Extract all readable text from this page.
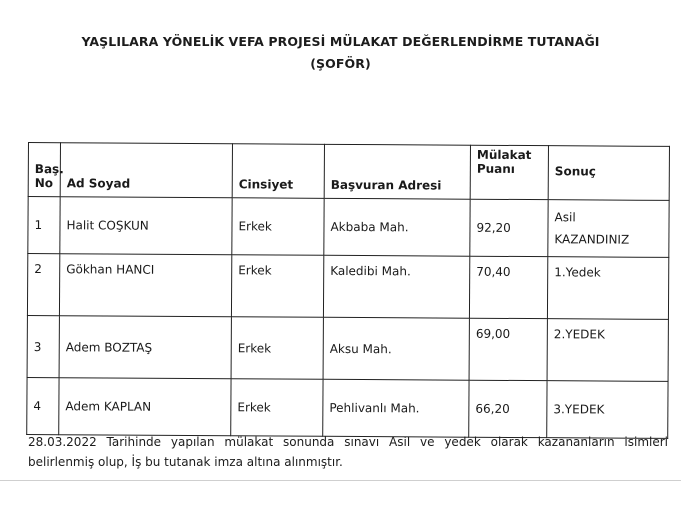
YAŞLILARA YÖNELİK VEFA PROJESİ MÜLAKAT DEĞERLENDİRME TUTANAĞI
(ŞOFÖR)
Baş. No	Ad Soyad	Cinsiyet	Başvuran Adresi	Mülakat Puanı	Sonuç
1	Halit COŞKUN	Erkek	Akbaba Mah.	92,20	Asil
KAZANDINIZ

2	Gökhan HANCI	Erkek	Kaledibi Mah.	70,40	1.Yedek
3	Adem BOZTAŞ	Erkek	Aksu Mah.	69,00	2.YEDEK
4	Adem KAPLAN	Erkek	Pehlivanlı Mah.	66,20	3.YEDEK
28.03.2022 Tarihinde yapılan mülakat sonunda sınavı Asil ve yedek olarak kazananların isimleri belirlenmiş olup, İş bu tutanak imza altına alınmıştır.
